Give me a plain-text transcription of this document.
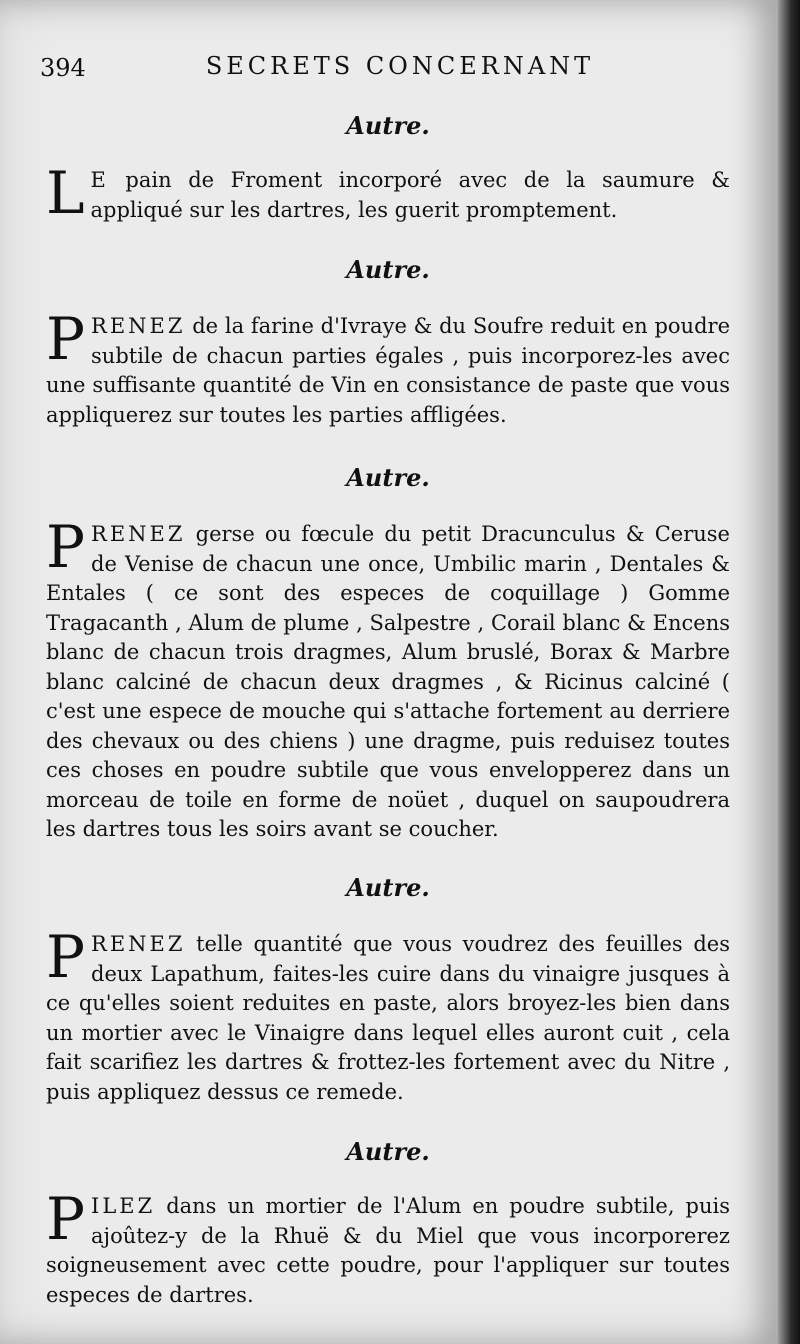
394	SECRETS CONCERNANT
Autre.

L E pain de Froment incorporé avec de la saumure & appliqué sur les dartres, les guerit promptement.

Autre.

PRENEZ de la farine d'Ivraye & du Soufre reduit en poudre subtile de chacun parties égales , puis incorporez-les avec une suffisante quantité de Vin en consistance de paste que vous appliquerez sur toutes les parties affligées.

Autre.

PRENEZ gerse ou fœcule du petit Dracunculus & Ceruse de Venise de chacun une once, Umbilic marin , Dentales & Entales ( ce sont des especes de coquillage ) Gomme Tragacanth , Alum de plume , Salpestre , Corail blanc & Encens blanc de chacun trois dragmes, Alum bruslé, Borax & Marbre blanc calciné de chacun deux dragmes , & Ricinus calciné ( c'est une espece de mouche qui s'attache fortement au derriere des chevaux ou des chiens ) une dragme, puis reduisez toutes ces choses en poudre subtile que vous envelopperez dans un morceau de toile en forme de noüet , duquel on saupoudrera les dartres tous les soirs avant se coucher.

Autre.

PRENEZ telle quantité que vous voudrez des feuilles des deux Lapathum, faites-les cuire dans du vinaigre jusques à ce qu'elles soient reduites en paste, alors broyez-les bien dans un mortier avec le Vinaigre dans lequel elles auront cuit , cela fait scarifiez les dartres & frottez-les fortement avec du Nitre , puis appliquez dessus ce remede.

Autre.

PILEZ dans un mortier de l'Alum en poudre subtile, puis ajoûtez-y de la Rhuë & du Miel que vous incorporerez soigneusement avec cette poudre, pour l'appliquer sur toutes especes de dartres.
